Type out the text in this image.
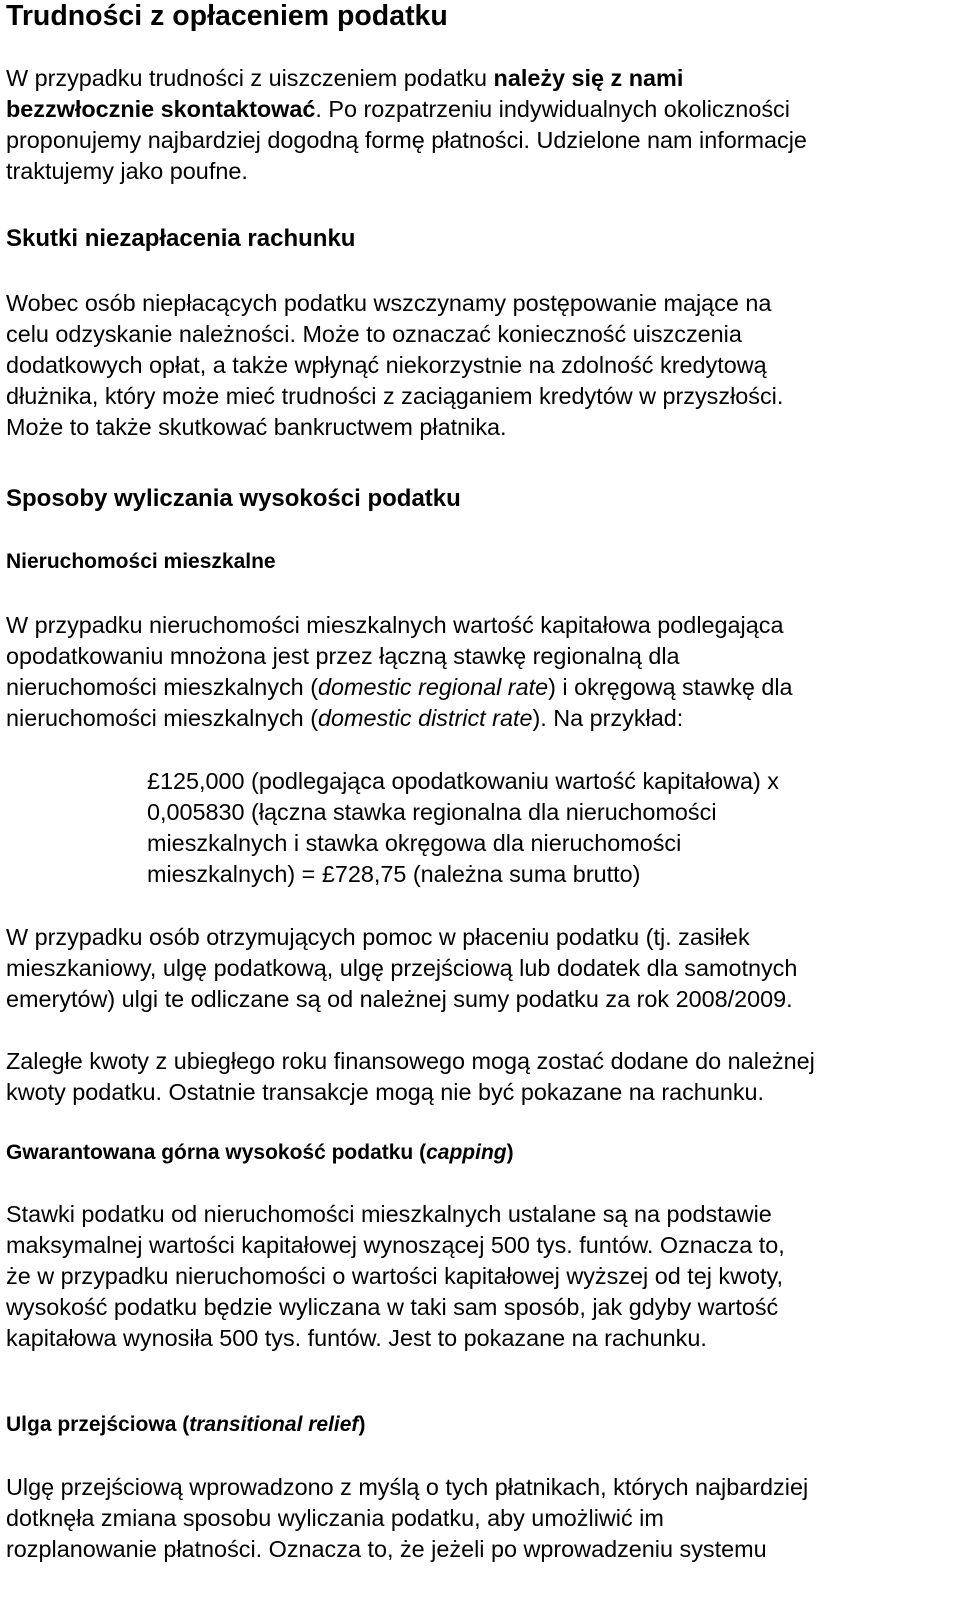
Trudności z opłaceniem podatku

W przypadku trudności z uiszczeniem podatku należy się z nami
bezzwłocznie skontaktować. Po rozpatrzeniu indywidualnych okoliczności
proponujemy najbardziej dogodną formę płatności. Udzielone nam informacje
traktujemy jako poufne.

Skutki niezapłacenia rachunku

Wobec osób niepłacących podatku wszczynamy postępowanie mające na
celu odzyskanie należności. Może to oznaczać konieczność uiszczenia
dodatkowych opłat, a także wpłynąć niekorzystnie na zdolność kredytową
dłużnika, który może mieć trudności z zaciąganiem kredytów w przyszłości.
Może to także skutkować bankructwem płatnika.

Sposoby wyliczania wysokości podatku
Nieruchomości mieszkalne

W przypadku nieruchomości mieszkalnych wartość kapitałowa podlegająca
opodatkowaniu mnożona jest przez łączną stawkę regionalną dla
nieruchomości mieszkalnych (domestic regional rate) i okręgową stawkę dla
nieruchomości mieszkalnych (domestic district rate). Na przykład:

£125,000 (podlegająca opodatkowaniu wartość kapitałowa) x
0,005830 (łączna stawka regionalna dla nieruchomości
mieszkalnych i stawka okręgowa dla nieruchomości
mieszkalnych) = £728,75 (należna suma brutto)

W przypadku osób otrzymujących pomoc w płaceniu podatku (tj. zasiłek
mieszkaniowy, ulgę podatkową, ulgę przejściową lub dodatek dla samotnych
emerytów) ulgi te odliczane są od należnej sumy podatku za rok 2008/2009.

Zaległe kwoty z ubiegłego roku finansowego mogą zostać dodane do należnej
kwoty podatku. Ostatnie transakcje mogą nie być pokazane na rachunku.

Gwarantowana górna wysokość podatku (capping)

Stawki podatku od nieruchomości mieszkalnych ustalane są na podstawie
maksymalnej wartości kapitałowej wynoszącej 500 tys. funtów. Oznacza to,
że w przypadku nieruchomości o wartości kapitałowej wyższej od tej kwoty,
wysokość podatku będzie wyliczana w taki sam sposób, jak gdyby wartość
kapitałowa wynosiła 500 tys. funtów. Jest to pokazane na rachunku.

Ulga przejściowa (transitional relief)

Ulgę przejściową wprowadzono z myślą o tych płatnikach, których najbardziej
dotknęła zmiana sposobu wyliczania podatku, aby umożliwić im
rozplanowanie płatności. Oznacza to, że jeżeli po wprowadzeniu systemu
